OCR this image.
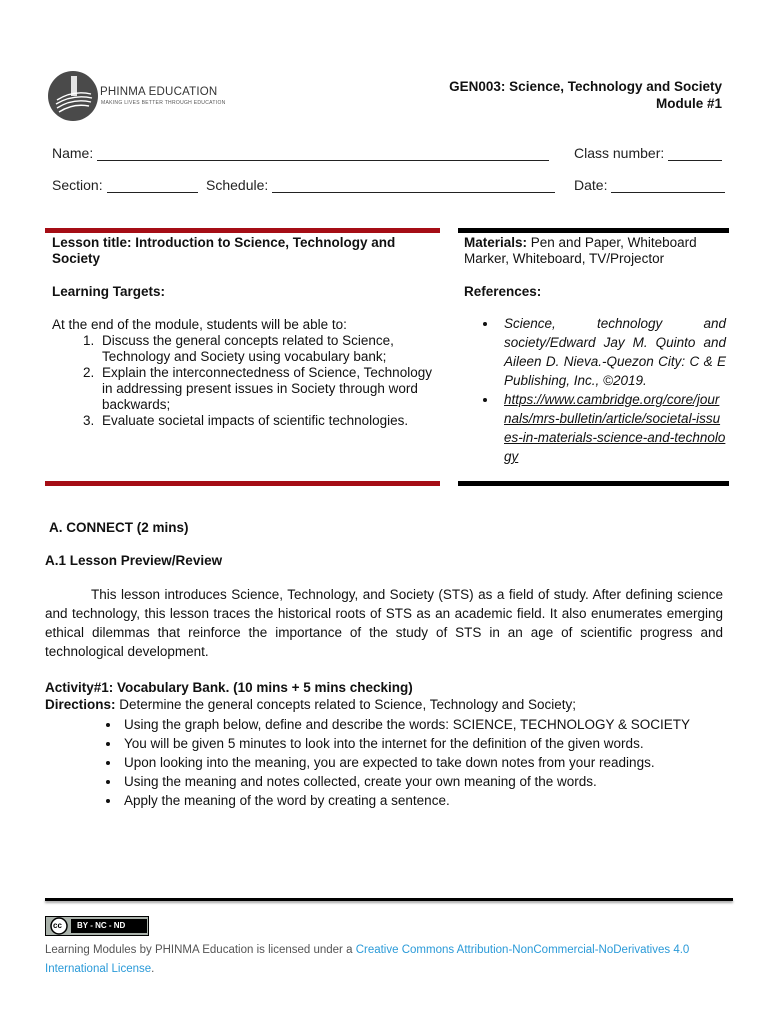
PHINMA EDUCATION
MAKING LIVES BETTER THROUGH EDUCATION
GEN003: Science, Technology and Society
Module #1
Name:	Class number:
Section:	Schedule:	Date:
Lesson title: Introduction to Science, Technology and Society
Learning Targets:
At the end of the module, students will be able to:
1. Discuss the general concepts related to Science, Technology and Society using vocabulary bank;
2. Explain the interconnectedness of Science, Technology in addressing present issues in Society through word backwards;
3. Evaluate societal impacts of scientific technologies.
Materials: Pen and Paper, Whiteboard Marker, Whiteboard, TV/Projector
References:
• Science, technology and society/Edward Jay M. Quinto and Aileen D. Nieva.-Quezon City: C & E Publishing, Inc., ©2019.
• https://www.cambridge.org/core/journals/mrs-bulletin/article/societal-issues-in-materials-science-and-technology
A. CONNECT (2 mins)
A.1 Lesson Preview/Review
This lesson introduces Science, Technology, and Society (STS) as a field of study. After defining science and technology, this lesson traces the historical roots of STS as an academic field. It also enumerates emerging ethical dilemmas that reinforce the importance of the study of STS in an age of scientific progress and technological development.
Activity#1: Vocabulary Bank. (10 mins + 5 mins checking)
Directions: Determine the general concepts related to Science, Technology and Society;
• Using the graph below, define and describe the words: SCIENCE, TECHNOLOGY & SOCIETY
• You will be given 5 minutes to look into the internet for the definition of the given words.
• Upon looking into the meaning, you are expected to take down notes from your readings.
• Using the meaning and notes collected, create your own meaning of the words.
• Apply the meaning of the word by creating a sentence.
cc BY - NC - ND
Learning Modules by PHINMA Education is licensed under a Creative Commons Attribution-NonCommercial-NoDerivatives 4.0 International License.
